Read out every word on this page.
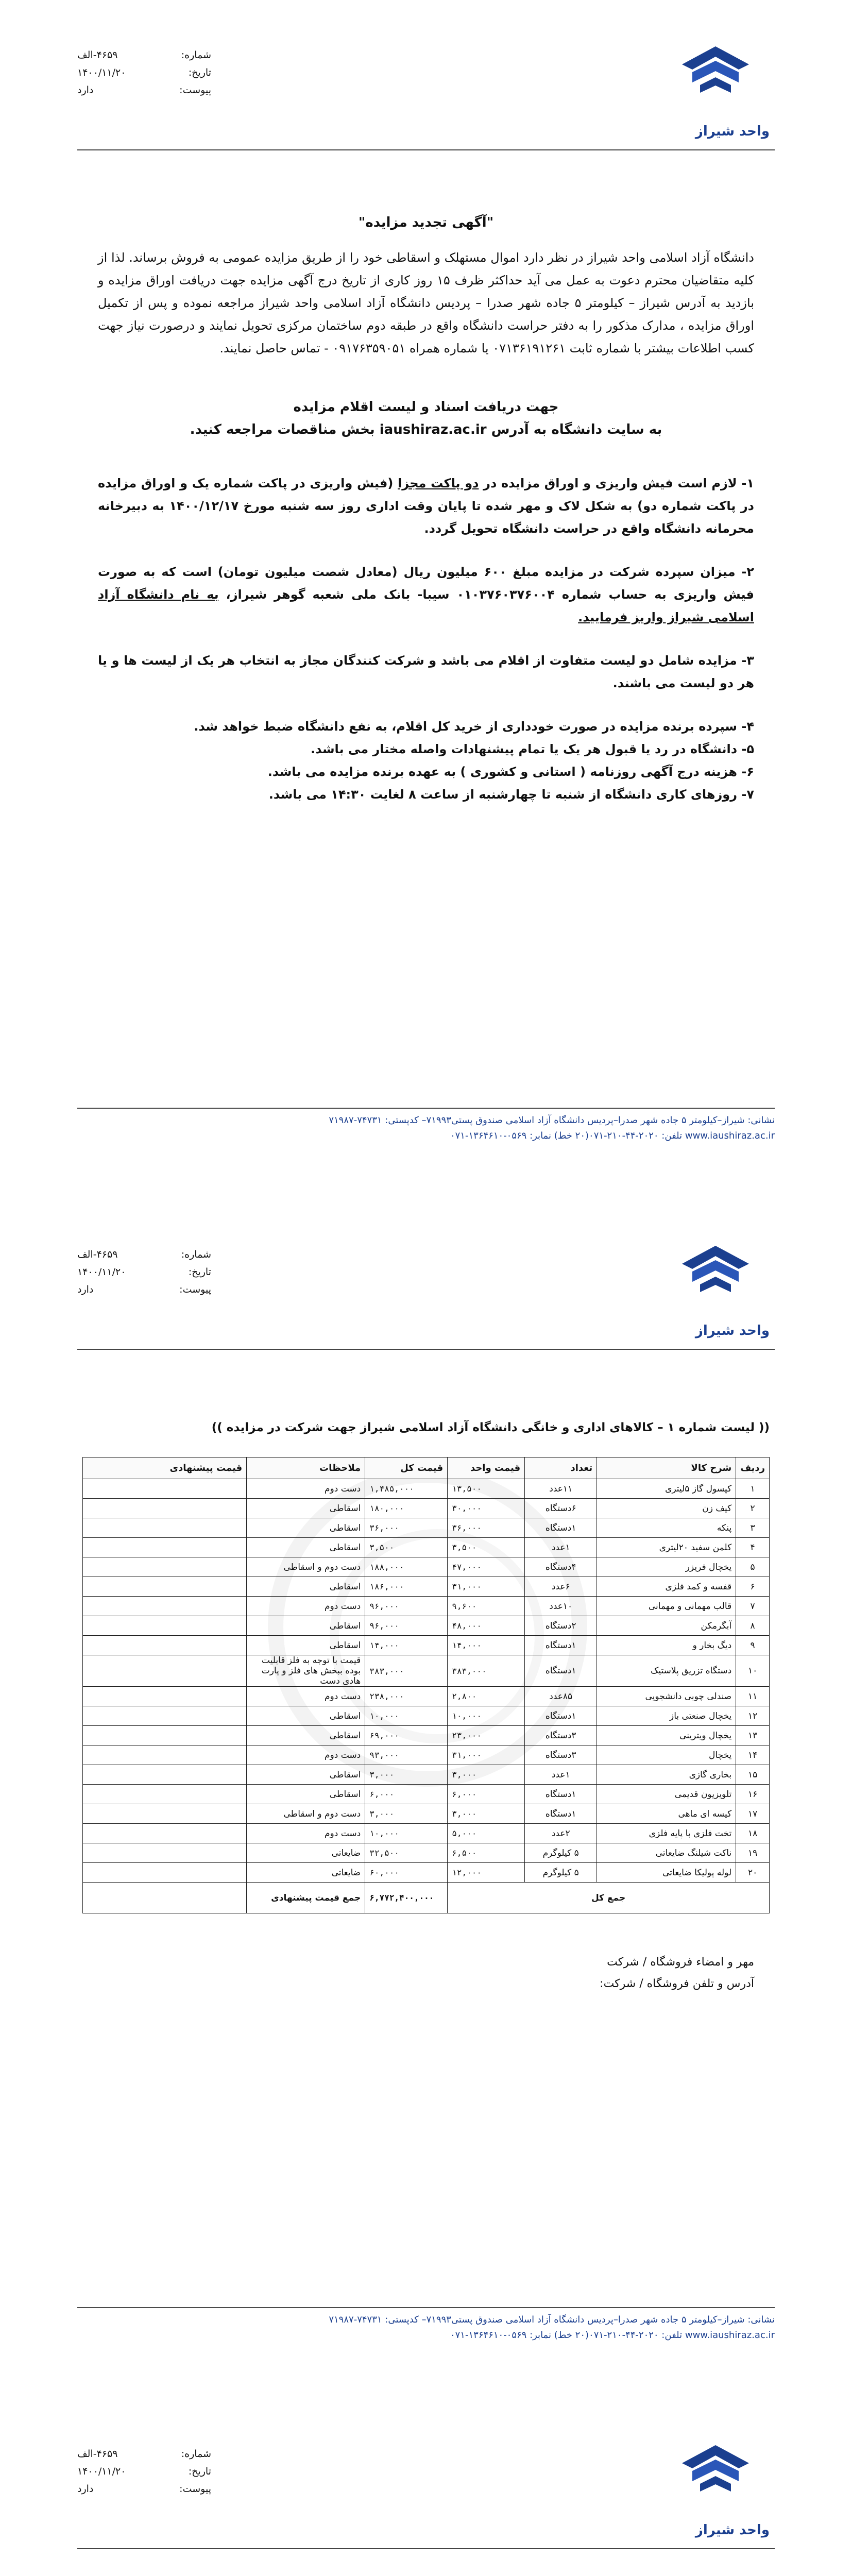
واحد شیراز
شماره:
۴۶۵۹-الف
تاریخ:
۱۴۰۰/۱۱/۲۰
پیوست:
دارد

"آگهی تجدید مزایده"

دانشگاه آزاد اسلامی واحد شیراز در نظر دارد اموال مستهلک و اسقاطی خود را از طریق مزایده عمومی به فروش برساند. لذا از کلیه متقاضیان محترم دعوت به عمل می آید حداکثر ظرف ۱۵ روز کاری از تاریخ درج آگهی مزایده جهت دریافت اوراق مزایده و بازدید به آدرس شیراز – کیلومتر ۵ جاده شهر صدرا – پردیس دانشگاه آزاد اسلامی واحد شیراز مراجعه نموده و پس از تکمیل اوراق مزایده ، مدارک مذکور را به دفتر حراست دانشگاه واقع در طبقه دوم ساختمان مرکزی تحویل نمایند و درصورت نیاز جهت کسب اطلاعات بیشتر با شماره ثابت ۰۷۱۳۶۱۹۱۲۶۱ یا شماره همراه ۰۹۱۷۶۳۵۹۰۵۱ - تماس حاصل نمایند.

جهت دریافت اسناد و لیست اقلام مزایده

به سایت دانشگاه به آدرس iaushiraz.ac.ir بخش مناقصات مراجعه کنید.

۱- لازم است فیش واریزی و اوراق مزایده در دو پاکت مجزا (فیش واریزی در پاکت شماره یک و اوراق مزایده در پاکت شماره دو) به شکل لاک و مهر شده تا پایان وقت اداری روز سه شنبه مورخ ۱۴۰۰/۱۲/۱۷ به دبیرخانه محرمانه دانشگاه واقع در حراست دانشگاه تحویل گردد.

۲- میزان سپرده شرکت در مزایده مبلغ ۶۰۰ میلیون ریال (معادل شصت میلیون تومان) است که به صورت فیش واریزی به حساب شماره ۰۱۰۳۷۶۰۳۷۶۰۰۴ سیبا- بانک ملی شعبه گوهر شیراز، به نام دانشگاه آزاد اسلامی شیراز واریز فرمایید.

۳- مزایده شامل دو لیست متفاوت از اقلام می باشد و شرکت کنندگان مجاز به انتخاب هر یک از لیست ها و یا هر دو لیست می باشند.

۴- سپرده برنده مزایده در صورت خودداری از خرید کل اقلام، به نفع دانشگاه ضبط خواهد شد.

۵- دانشگاه در رد یا قبول هر یک یا تمام پیشنهادات واصله مختار می باشد.

۶- هزینه درج آگهی روزنامه ( استانی و کشوری ) به عهده برنده مزایده می باشد.

۷- روزهای کاری دانشگاه از شنبه تا چهارشنبه از ساعت ۸ لغایت ۱۴:۳۰ می باشد.

نشانی: شیراز–کیلومتر ۵ جاده شهر صدرا–پردیس دانشگاه آزاد اسلامی صندوق پستی۷۱۹۹۳– کدپستی: ۷۴۷۳۱-۷۱۹۸۷
www.iaushiraz.ac.ir تلفن: ۲۰۲۰-۴۴-۲۱۰-۰۷۱(۲۰ خط) نمابر: ۰۵۶۹-۱۳۶۴۶۱۰-۰۷۱
واحد شیراز
شماره:
۴۶۵۹-الف
تاریخ:
۱۴۰۰/۱۱/۲۰
پیوست:
دارد
(( لیست شماره ۱ – کالاهای اداری و خانگی دانشگاه آزاد اسلامی شیراز جهت شرکت در مزایده ))
ردیف	شرح کالا	تعداد	قیمت واحد	قیمت کل	ملاحظات	قیمت پیشنهادی
۱	کپسول گاز ۵لیتری	۱۱عدد	۱۳,۵۰۰	۱,۴۸۵,۰۰۰	دست دوم	
۲	کیف زن	۶دستگاه	۳۰,۰۰۰	۱۸۰,۰۰۰	اسقاطی	
۳	پنکه	۱دستگاه	۳۶,۰۰۰	۳۶,۰۰۰	اسقاطی	
۴	کلمن سفید ۲۰لیتری	۱عدد	۳,۵۰۰	۳,۵۰۰	اسقاطی	
۵	یخچال فریزر	۴دستگاه	۴۷,۰۰۰	۱۸۸,۰۰۰	دست دوم و اسقاطی	
۶	قفسه و کمد فلزی	۶عدد	۳۱,۰۰۰	۱۸۶,۰۰۰	اسقاطی	
۷	قالب مهمانی و مهمانی	۱۰عدد	۹,۶۰۰	۹۶,۰۰۰	دست دوم	
۸	آبگرمکن	۲دستگاه	۴۸,۰۰۰	۹۶,۰۰۰	اسقاطی	
۹	دیگ بخار و	۱دستگاه	۱۴,۰۰۰	۱۴,۰۰۰	اسقاطی	
۱۰	دستگاه تزریق پلاستیک	۱دستگاه	۳۸۳,۰۰۰	۳۸۳,۰۰۰	قیمت با توجه به فلز قابلیت بوده ببخش های فلز و پارت هادی دست	
۱۱	صندلی چوبی دانشجویی	۸۵عدد	۲,۸۰۰	۲۳۸,۰۰۰	دست دوم	
۱۲	یخچال صنعتی باز	۱دستگاه	۱۰,۰۰۰	۱۰,۰۰۰	اسقاطی	
۱۳	یخچال ویترینی	۳دستگاه	۲۳,۰۰۰	۶۹,۰۰۰	اسقاطی	
۱۴	یخچال	۳دستگاه	۳۱,۰۰۰	۹۳,۰۰۰	دست دوم	
۱۵	بخاری گازی	۱عدد	۳,۰۰۰	۳,۰۰۰	اسقاطی	
۱۶	تلویزیون قدیمی	۱دستگاه	۶,۰۰۰	۶,۰۰۰	اسقاطی	
۱۷	کیسه ای ماهی	۱دستگاه	۳,۰۰۰	۳,۰۰۰	دست دوم و اسقاطی	
۱۸	تخت فلزی با پایه فلزی	۲عدد	۵,۰۰۰	۱۰,۰۰۰	دست دوم	
۱۹	ناکت شیلنگ ضایعاتی	۵ کیلوگرم	۶,۵۰۰	۳۲,۵۰۰	ضایعاتی	
۲۰	لوله پولیکا ضایعاتی	۵ کیلوگرم	۱۲,۰۰۰	۶۰,۰۰۰	ضایعاتی	
جمع کل				۶,۷۷۲,۴۰۰,۰۰۰	جمع قیمت پیشنهادی	
مهر و امضاء فروشگاه / شرکت
آدرس و تلفن فروشگاه / شرکت:
نشانی: شیراز–کیلومتر ۵ جاده شهر صدرا–پردیس دانشگاه آزاد اسلامی صندوق پستی۷۱۹۹۳– کدپستی: ۷۴۷۳۱-۷۱۹۸۷
www.iaushiraz.ac.ir تلفن: ۲۰۲۰-۴۴-۲۱۰-۰۷۱(۲۰ خط) نمابر: ۰۵۶۹-۱۳۶۴۶۱۰-۰۷۱
واحد شیراز
شماره:
۴۶۵۹-الف
تاریخ:
۱۴۰۰/۱۱/۲۰
پیوست:
دارد
